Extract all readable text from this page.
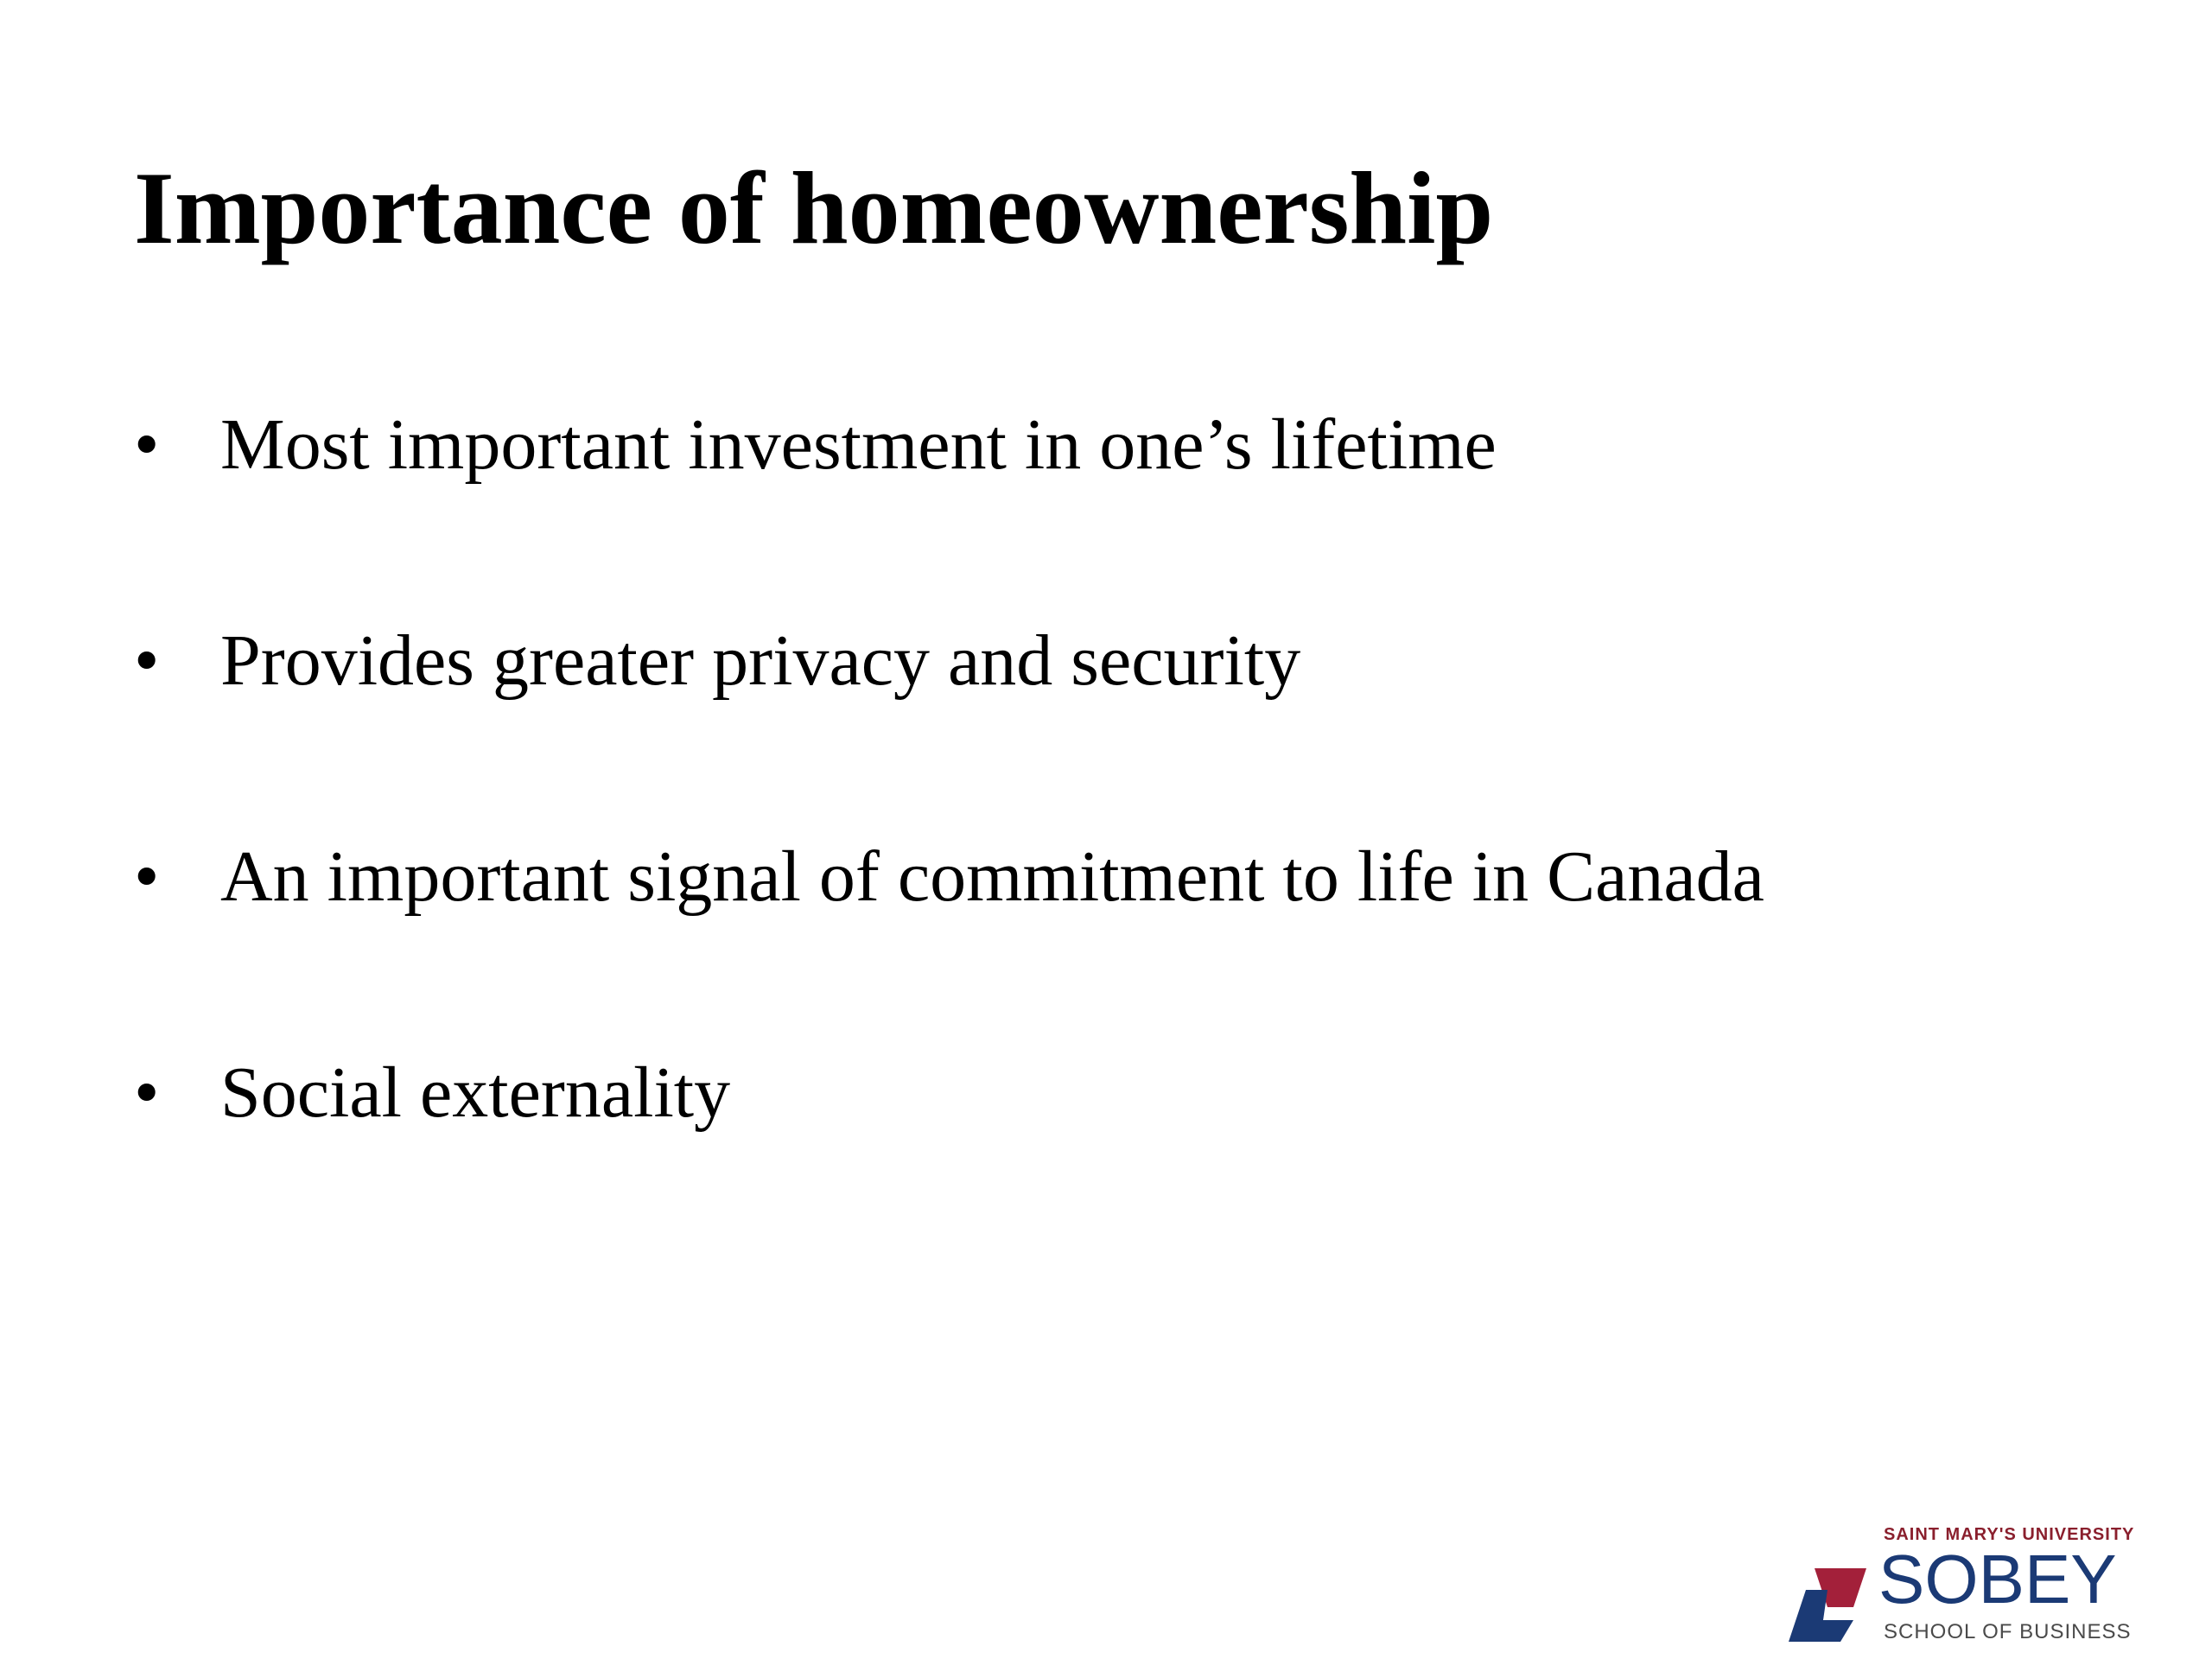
Importance of homeownership
• Most important investment in one’s lifetime
• Provides greater privacy and security
• An important signal of commitment to life in Canada
• Social externality
SAINT MARY'S UNIVERSITY
SOBEY
SCHOOL OF BUSINESS
